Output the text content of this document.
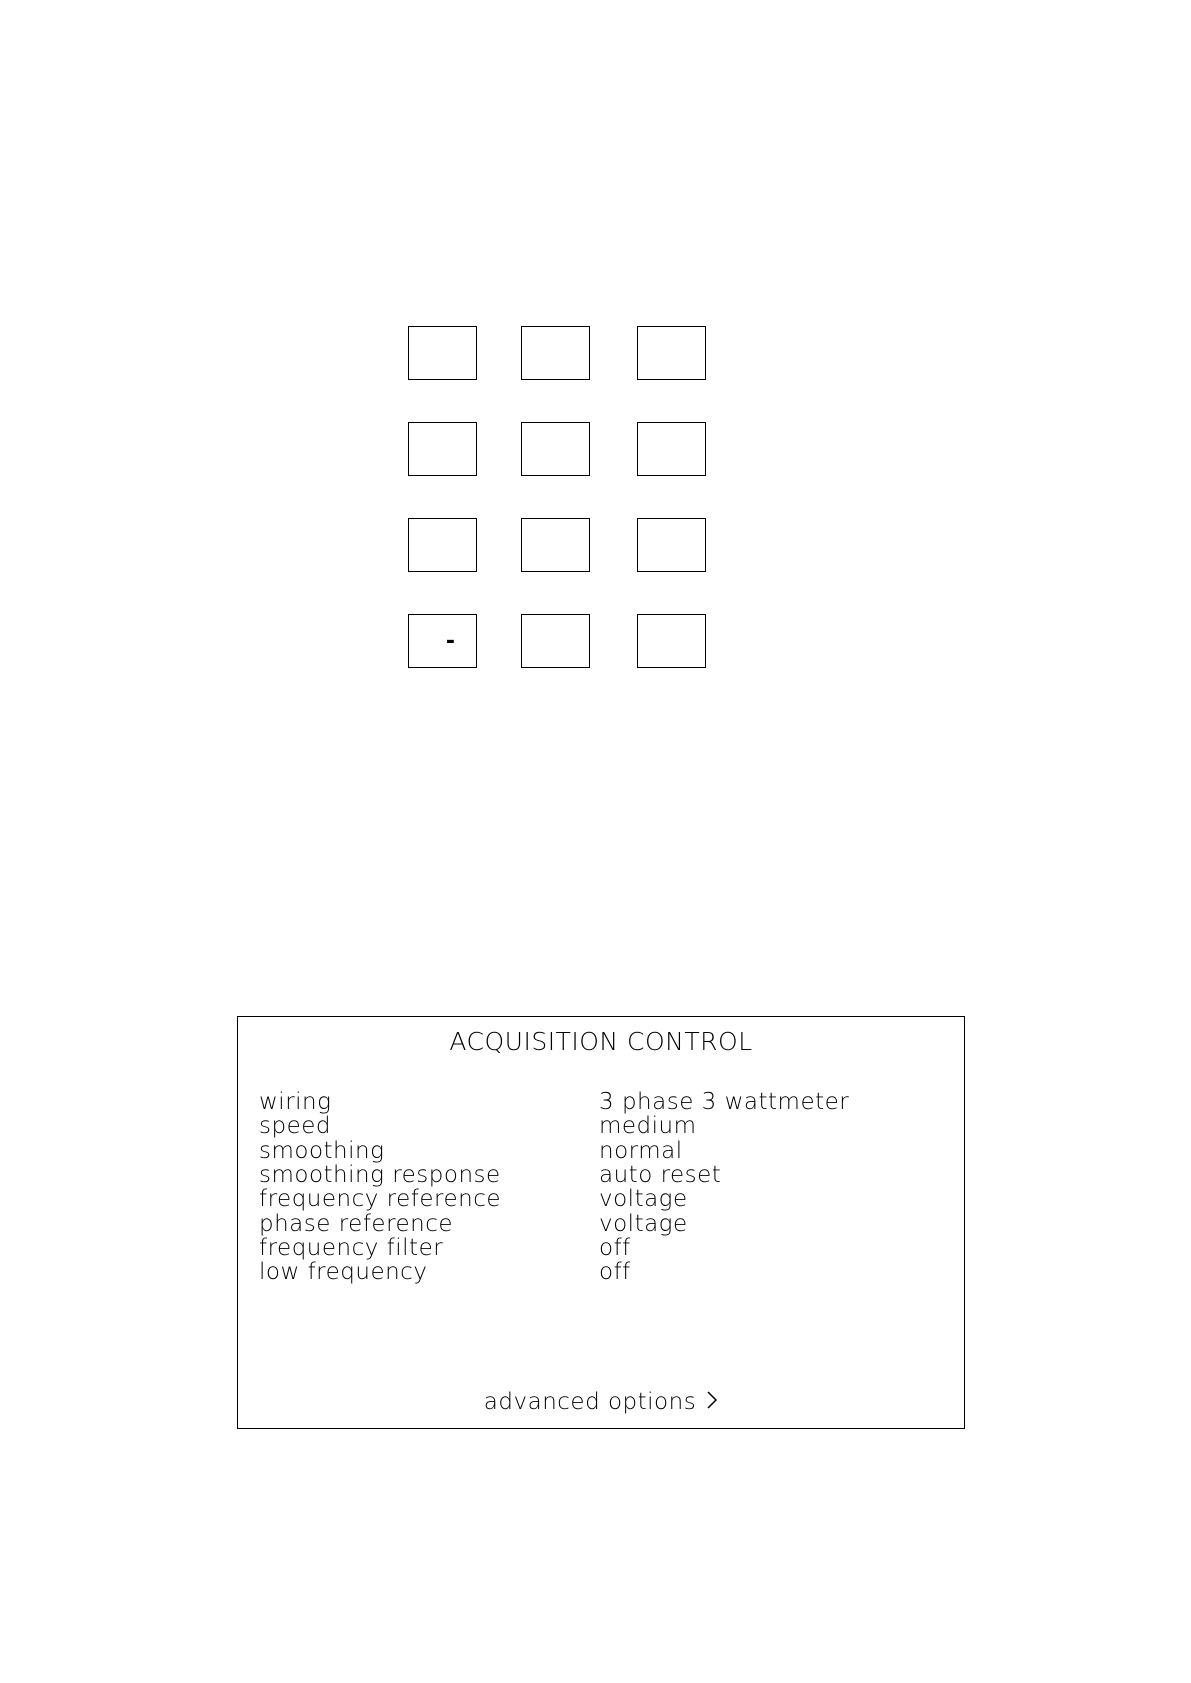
-
ACQUISITION CONTROL
wiring	3 phase 3 wattmeter
speed	medium
smoothing	normal
smoothing response	auto reset
frequency reference	voltage
phase reference	voltage
frequency filter	off
low frequency	off
advanced options
